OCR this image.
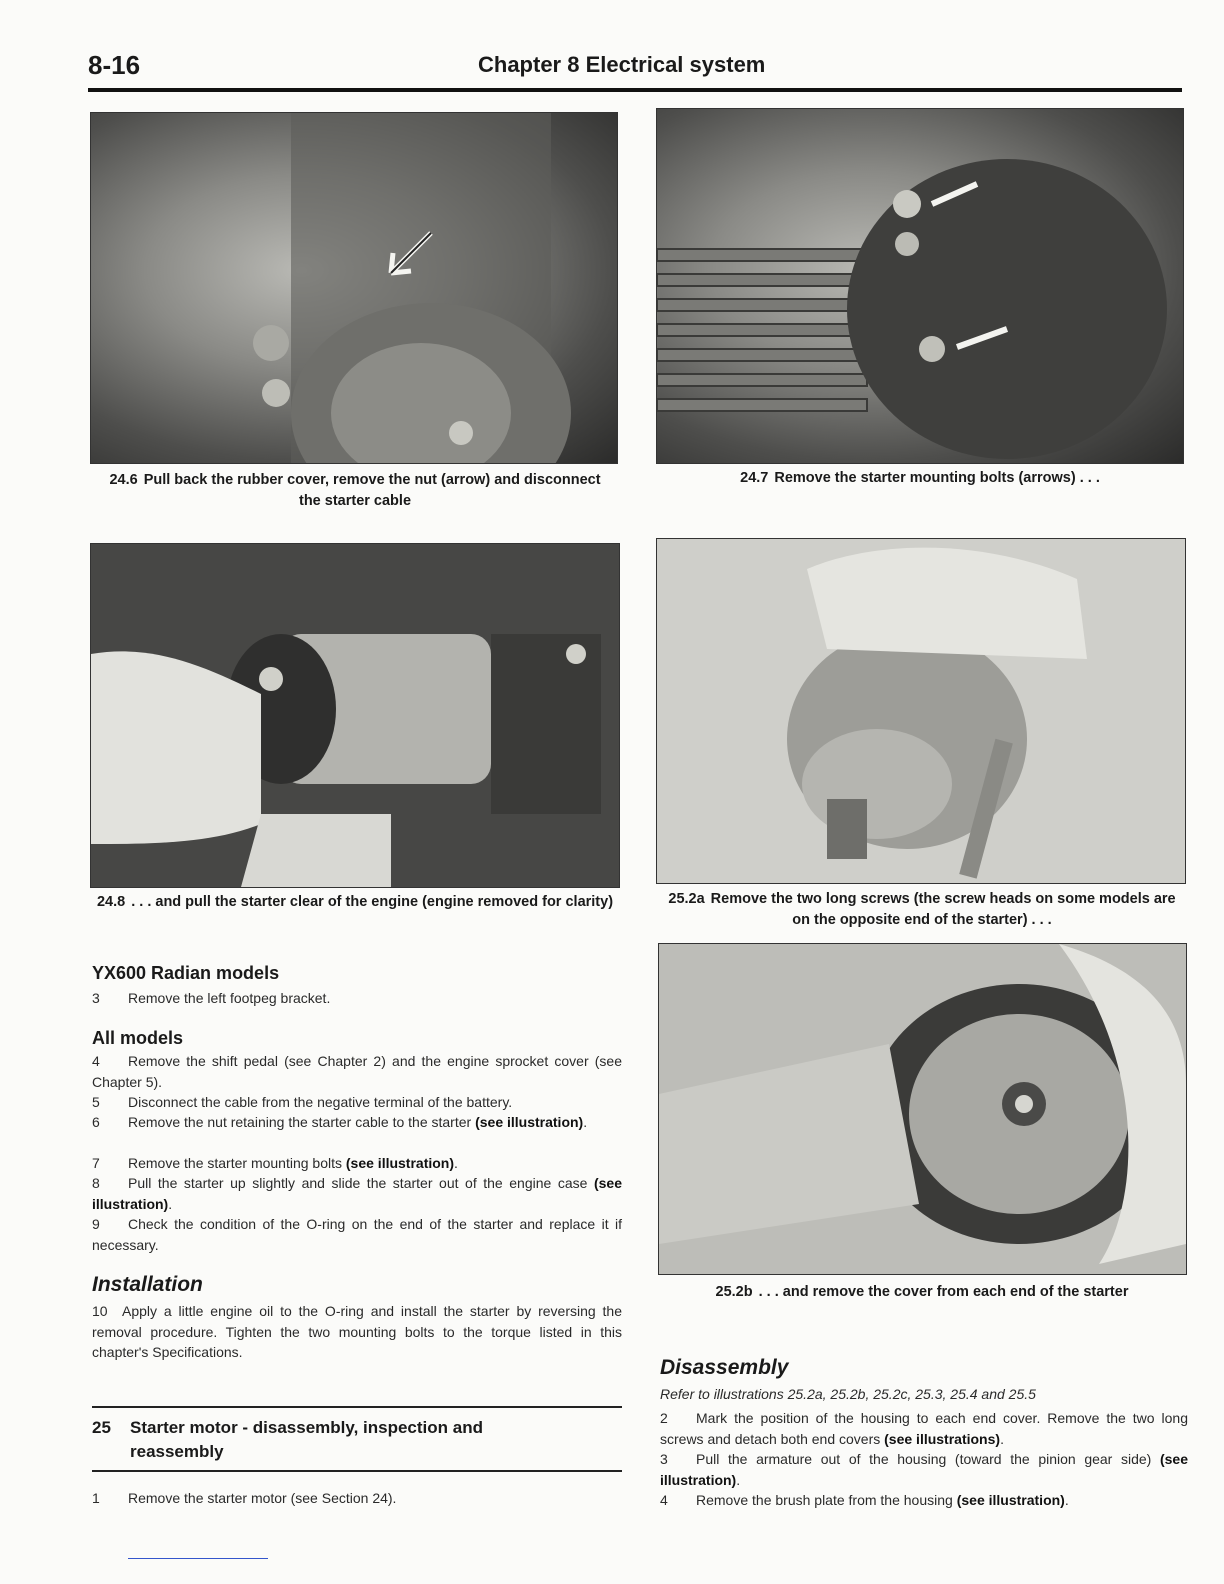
8-16	Chapter 8 Electrical system
24.6 Pull back the rubber cover, remove the nut (arrow) and disconnect the starter cable
24.7 Remove the starter mounting bolts (arrows) . . .
24.8 . . . and pull the starter clear of the engine (engine removed for clarity)	25.2a Remove the two long screws (the screw heads on some models are on the opposite end of the starter) . . .
25.2b . . . and remove the cover from each end of the starter
YX600 Radian models
3 Remove the left footpeg bracket.
All models
4 Remove the shift pedal (see Chapter 2) and the engine sprocket cover (see Chapter 5).
5 Disconnect the cable from the negative terminal of the battery.
6 Remove the nut retaining the starter cable to the starter (see illustration).
7 Remove the starter mounting bolts (see illustration).
8 Pull the starter up slightly and slide the starter out of the engine case (see illustration).
9 Check the condition of the O-ring on the end of the starter and replace it if necessary.
Installation
10 Apply a little engine oil to the O-ring and install the starter by reversing the removal procedure. Tighten the two mounting bolts to the torque listed in this chapter's Specifications.
25 Starter motor - disassembly, inspection and
reassembly
1 Remove the starter motor (see Section 24).
Disassembly
Refer to illustrations 25.2a, 25.2b, 25.2c, 25.3, 25.4 and 25.5
2 Mark the position of the housing to each end cover. Remove the two long screws and detach both end covers (see illustrations).
3 Pull the armature out of the housing (toward the pinion gear side) (see illustration).
4 Remove the brush plate from the housing (see illustration).
